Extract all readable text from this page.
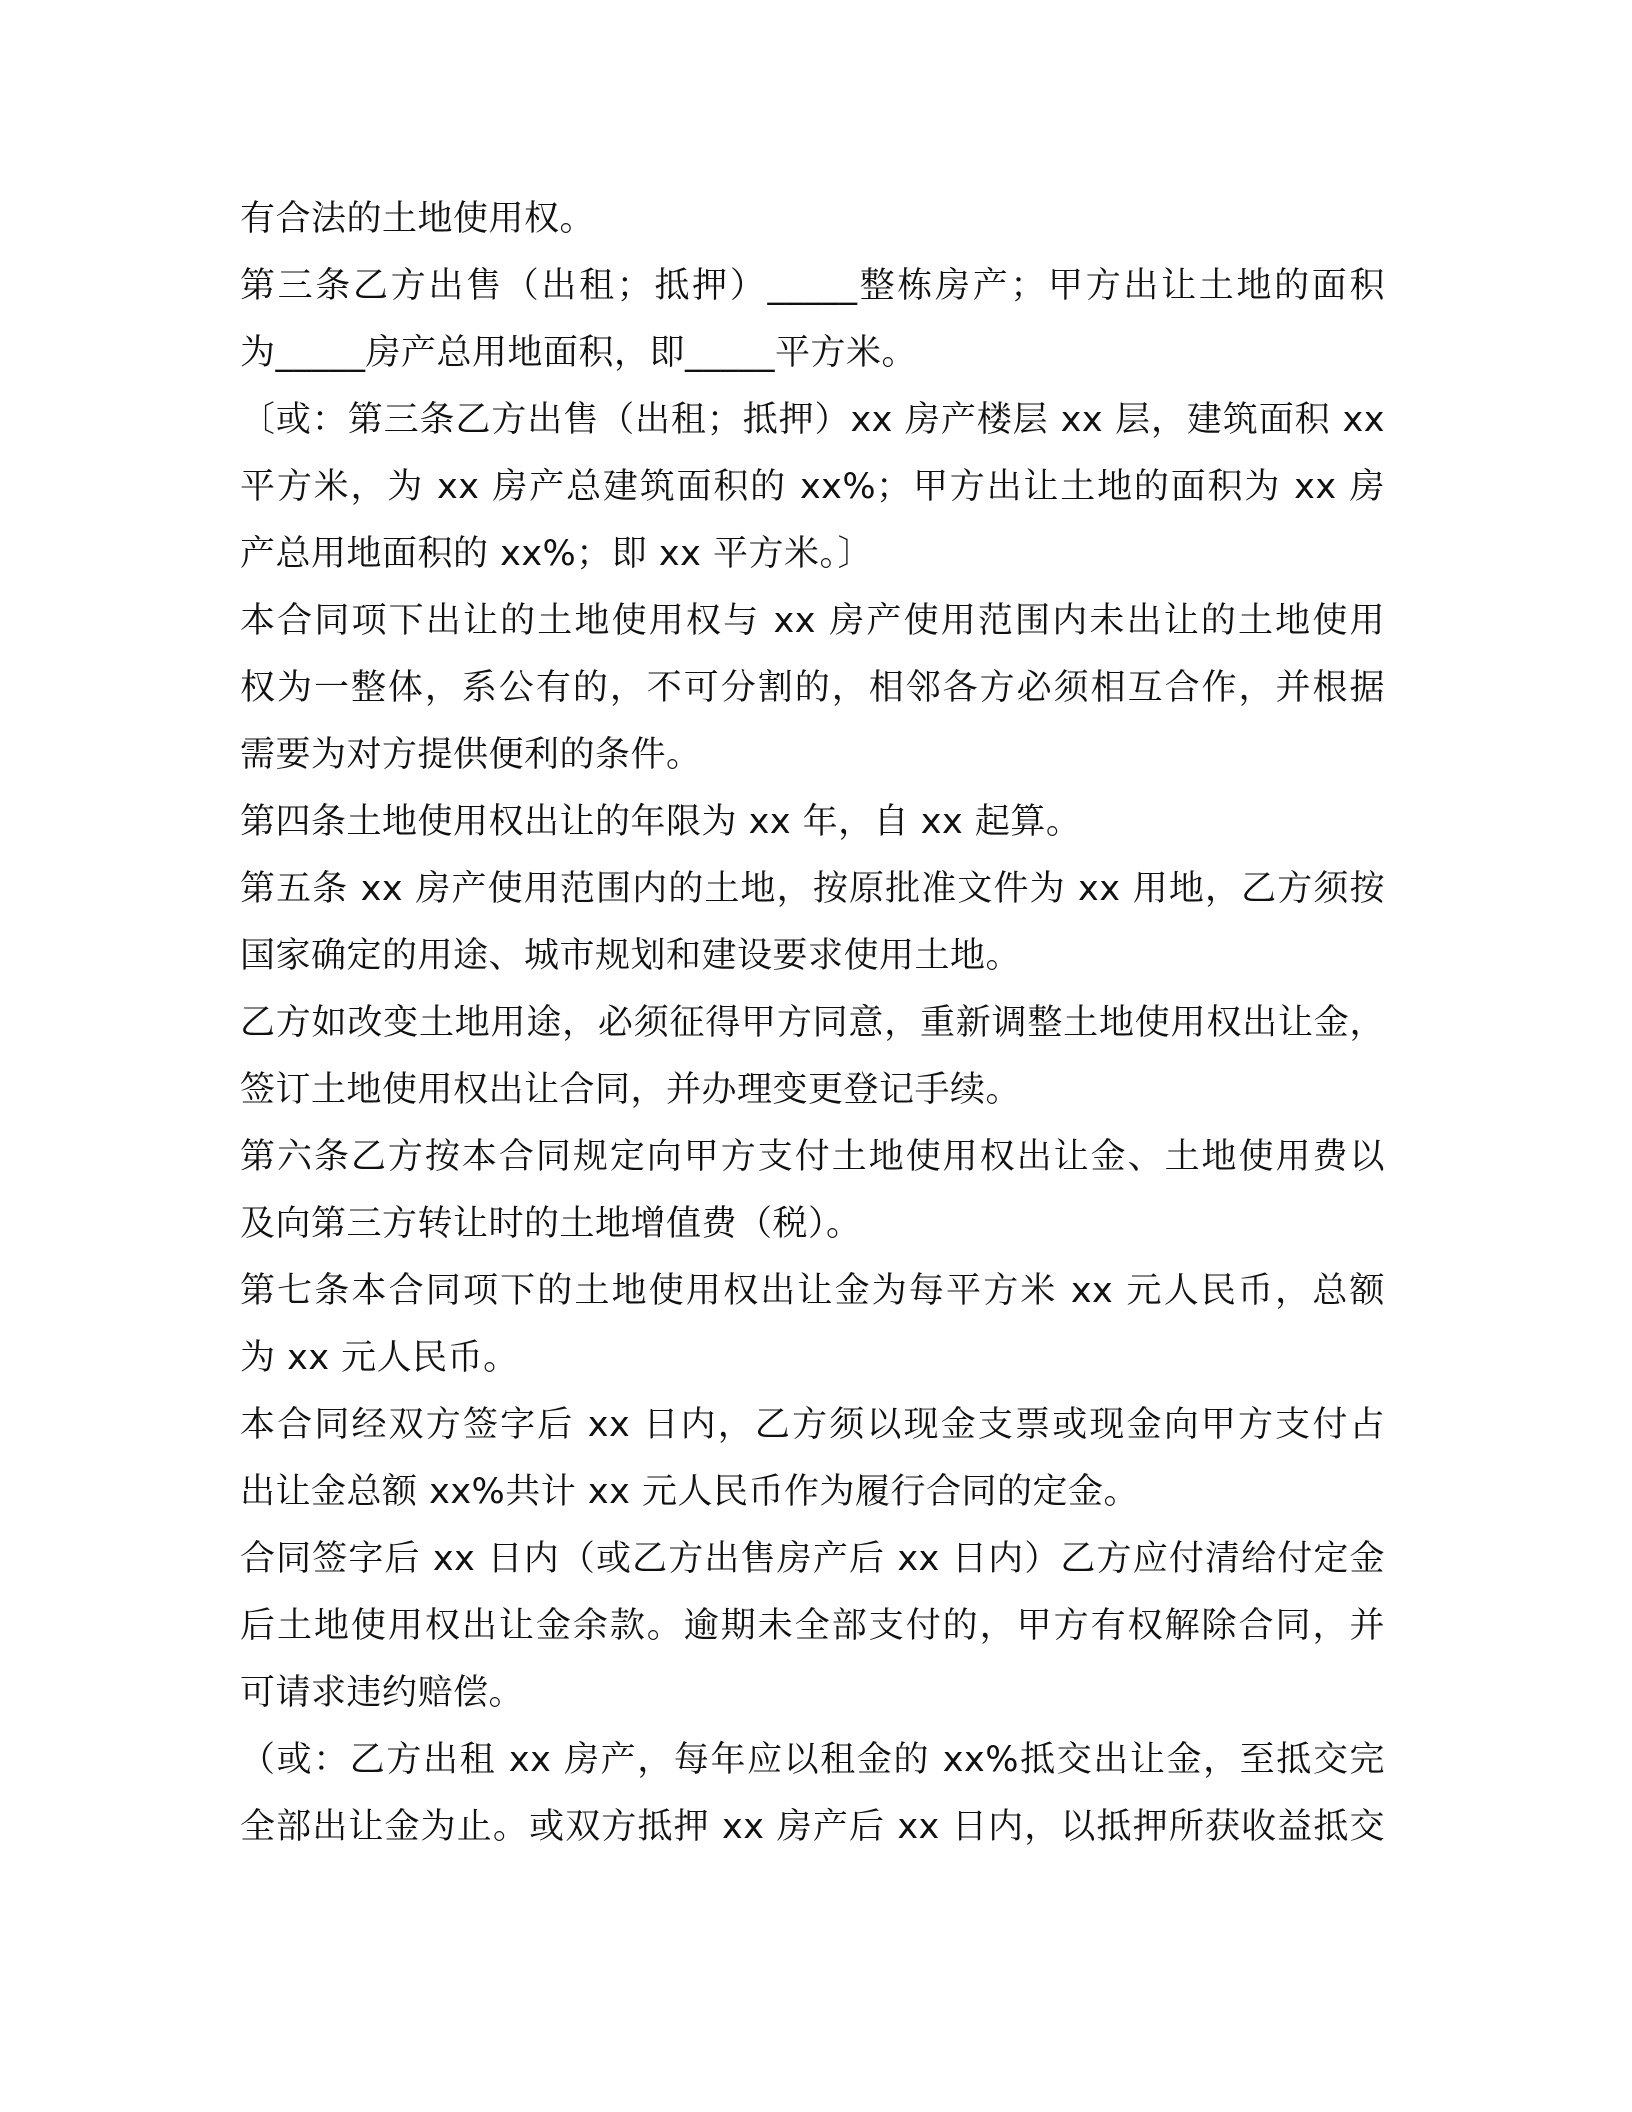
有合法的土地使用权。
第三条乙方出售（出租；抵押）_____整栋房产；甲方出让土地的面积
为_____房产总用地面积，即_____平方米。
〔或：第三条乙方出售（出租；抵押）xx 房产楼层 xx 层，建筑面积 xx
平方米，为 xx 房产总建筑面积的 xx%；甲方出让土地的面积为 xx 房
产总用地面积的 xx%；即 xx 平方米。〕
本合同项下出让的土地使用权与 xx 房产使用范围内未出让的土地使用
权为一整体，系公有的，不可分割的，相邻各方必须相互合作，并根据
需要为对方提供便利的条件。
第四条土地使用权出让的年限为 xx 年，自 xx 起算。
第五条 xx 房产使用范围内的土地，按原批准文件为 xx 用地，乙方须按
国家确定的用途、城市规划和建设要求使用土地。
乙方如改变土地用途，必须征得甲方同意，重新调整土地使用权出让金，
签订土地使用权出让合同，并办理变更登记手续。
第六条乙方按本合同规定向甲方支付土地使用权出让金、土地使用费以
及向第三方转让时的土地增值费（税）。
第七条本合同项下的土地使用权出让金为每平方米 xx 元人民币，总额
为 xx 元人民币。
本合同经双方签字后 xx 日内，乙方须以现金支票或现金向甲方支付占
出让金总额 xx%共计 xx 元人民币作为履行合同的定金。
合同签字后 xx 日内（或乙方出售房产后 xx 日内）乙方应付清给付定金
后土地使用权出让金余款。逾期未全部支付的，甲方有权解除合同，并
可请求违约赔偿。
（或：乙方出租 xx 房产，每年应以租金的 xx%抵交出让金，至抵交完
全部出让金为止。或双方抵押 xx 房产后 xx 日内，以抵押所获收益抵交
